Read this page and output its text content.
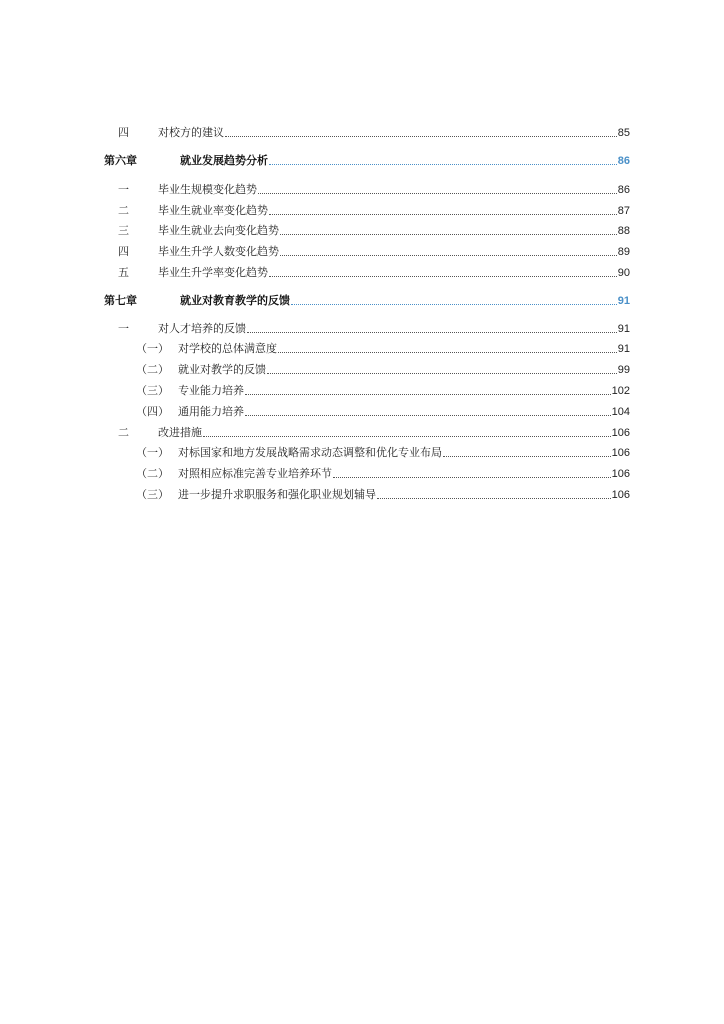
四	对校方的建议	85
第六章	就业发展趋势分析	86
一	毕业生规模变化趋势	86
二	毕业生就业率变化趋势	87
三	毕业生就业去向变化趋势	88
四	毕业生升学人数变化趋势	89
五	毕业生升学率变化趋势	90
第七章	就业对教育教学的反馈	91
一	对人才培养的反馈	91
（一） 对学校的总体满意度	91
（二） 就业对教学的反馈	99
（三） 专业能力培养	102
（四） 通用能力培养	104
二	改进措施	106
（一） 对标国家和地方发展战略需求动态调整和优化专业布局	106
（二） 对照相应标准完善专业培养环节	106
（三） 进一步提升求职服务和强化职业规划辅导	106
